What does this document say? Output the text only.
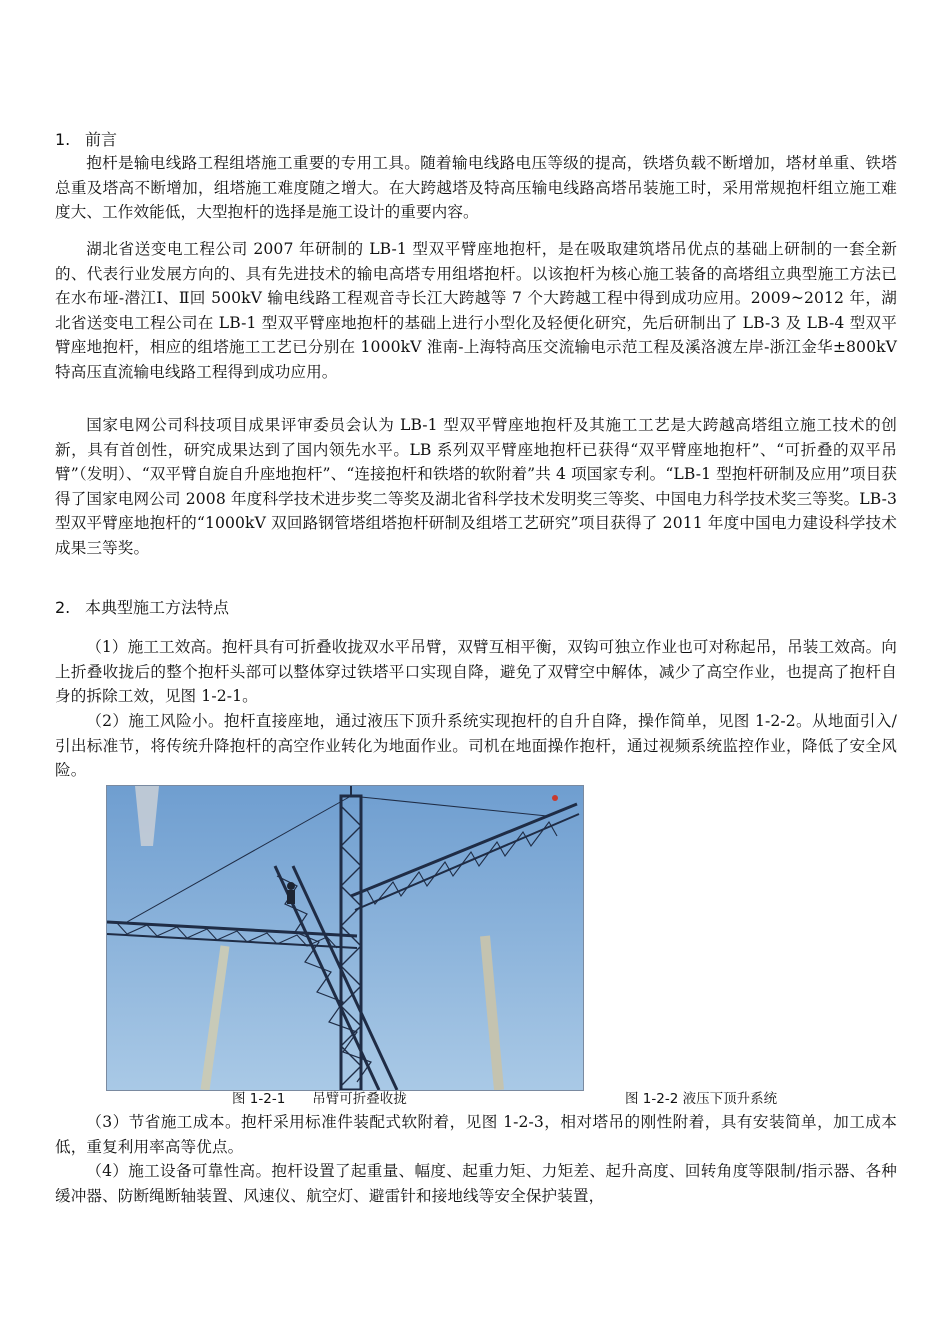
1. 前言

抱杆是输电线路工程组塔施工重要的专用工具。随着输电线路电压等级的提高，铁塔负载不断增加，塔材单重、铁塔总重及塔高不断增加，组塔施工难度随之增大。在大跨越塔及特高压输电线路高塔吊装施工时，采用常规抱杆组立施工难度大、工作效能低，大型抱杆的选择是施工设计的重要内容。

湖北省送变电工程公司 2007 年研制的 LB-1 型双平臂座地抱杆，是在吸取建筑塔吊优点的基础上研制的一套全新的、代表行业发展方向的、具有先进技术的输电高塔专用组塔抱杆。以该抱杆为核心施工装备的高塔组立典型施工方法已在水布垭-潜江Ⅰ、Ⅱ回 500kV 输电线路工程观音寺长江大跨越等 7 个大跨越工程中得到成功应用。2009~2012 年，湖北省送变电工程公司在 LB-1 型双平臂座地抱杆的基础上进行小型化及轻便化研究，先后研制出了 LB-3 及 LB-4 型双平臂座地抱杆，相应的组塔施工工艺已分别在 1000kV 淮南-上海特高压交流输电示范工程及溪洛渡左岸-浙江金华±800kV 特高压直流输电线路工程得到成功应用。

国家电网公司科技项目成果评审委员会认为 LB-1 型双平臂座地抱杆及其施工工艺是大跨越高塔组立施工技术的创新，具有首创性，研究成果达到了国内领先水平。LB 系列双平臂座地抱杆已获得“双平臂座地抱杆”、“可折叠的双平吊臂”（发明）、“双平臂自旋自升座地抱杆”、“连接抱杆和铁塔的软附着”共 4 项国家专利。“LB-1 型抱杆研制及应用”项目获得了国家电网公司 2008 年度科学技术进步奖二等奖及湖北省科学技术发明奖三等奖、中国电力科学技术奖三等奖。LB-3 型双平臂座地抱杆的“1000kV 双回路钢管塔组塔抱杆研制及组塔工艺研究”项目获得了 2011 年度中国电力建设科学技术成果三等奖。

2. 本典型施工方法特点

（1）施工工效高。抱杆具有可折叠收拢双水平吊臂，双臂互相平衡，双钩可独立作业也可对称起吊，吊装工效高。向上折叠收拢后的整个抱杆头部可以整体穿过铁塔平口实现自降，避免了双臂空中解体，减少了高空作业，也提高了抱杆自身的拆除工效，见图 1-2-1。

（2）施工风险小。抱杆直接座地，通过液压下顶升系统实现抱杆的自升自降，操作简单，见图 1-2-2。从地面引入/引出标准节，将传统升降抱杆的高空作业转化为地面作业。司机在地面操作抱杆，通过视频系统监控作业，降低了安全风险。

图 1-2-1　　吊臂可折叠收拢	图 1-2-2 液压下顶升系统

（3）节省施工成本。抱杆采用标准件装配式软附着，见图 1-2-3，相对塔吊的刚性附着，具有安装简单，加工成本低，重复利用率高等优点。

（4）施工设备可靠性高。抱杆设置了起重量、幅度、起重力矩、力矩差、起升高度、回转角度等限制/指示器、各种缓冲器、防断绳断轴装置、风速仪、航空灯、避雷针和接地线等安全保护装置，
